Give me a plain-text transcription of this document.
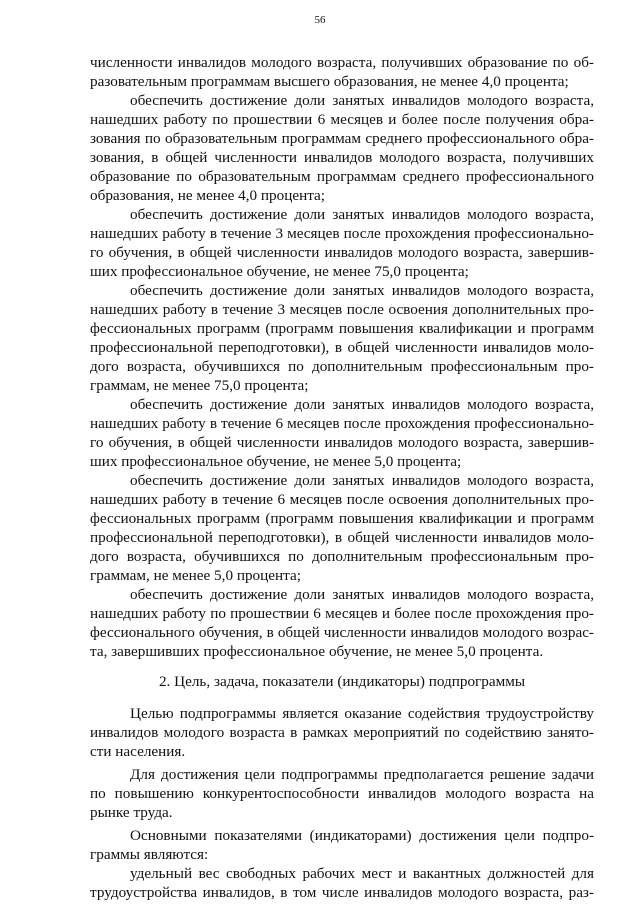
56
численности инвалидов молодого возраста, получивших образование по об-
разовательным программам высшего образования, не менее 4,0 процента;
обеспечить достижение доли занятых инвалидов молодого возраста,
нашедших работу по прошествии 6 месяцев и более после получения обра-
зования по образовательным программам среднего профессионального обра-
зования, в общей численности инвалидов молодого возраста, получивших
образование по образовательным программам среднего профессионального
образования, не менее 4,0 процента;
обеспечить достижение доли занятых инвалидов молодого возраста,
нашедших работу в течение 3 месяцев после прохождения профессионально-
го обучения, в общей численности инвалидов молодого возраста, завершив-
ших профессиональное обучение, не менее 75,0 процента;
обеспечить достижение доли занятых инвалидов молодого возраста,
нашедших работу в течение 3 месяцев после освоения дополнительных про-
фессиональных программ (программ повышения квалификации и программ
профессиональной переподготовки), в общей численности инвалидов моло-
дого возраста, обучившихся по дополнительным профессиональным про-
граммам, не менее 75,0 процента;
обеспечить достижение доли занятых инвалидов молодого возраста,
нашедших работу в течение 6 месяцев после прохождения профессионально-
го обучения, в общей численности инвалидов молодого возраста, завершив-
ших профессиональное обучение, не менее 5,0 процента;
обеспечить достижение доли занятых инвалидов молодого возраста,
нашедших работу в течение 6 месяцев после освоения дополнительных про-
фессиональных программ (программ повышения квалификации и программ
профессиональной переподготовки), в общей численности инвалидов моло-
дого возраста, обучившихся по дополнительным профессиональным про-
граммам, не менее 5,0 процента;
обеспечить достижение доли занятых инвалидов молодого возраста,
нашедших работу по прошествии 6 месяцев и более после прохождения про-
фессионального обучения, в общей численности инвалидов молодого возрас-
та, завершивших профессиональное обучение, не менее 5,0 процента.
2. Цель, задача, показатели (индикаторы) подпрограммы
Целью подпрограммы является оказание содействия трудоустройству
инвалидов молодого возраста в рамках мероприятий по содействию занято-
сти населения.
Для достижения цели подпрограммы предполагается решение задачи
по повышению конкурентоспособности инвалидов молодого возраста на
рынке труда.
Основными показателями (индикаторами) достижения цели подпро-
граммы являются:
удельный вес свободных рабочих мест и вакантных должностей для
трудоустройства инвалидов, в том числе инвалидов молодого возраста, раз-
